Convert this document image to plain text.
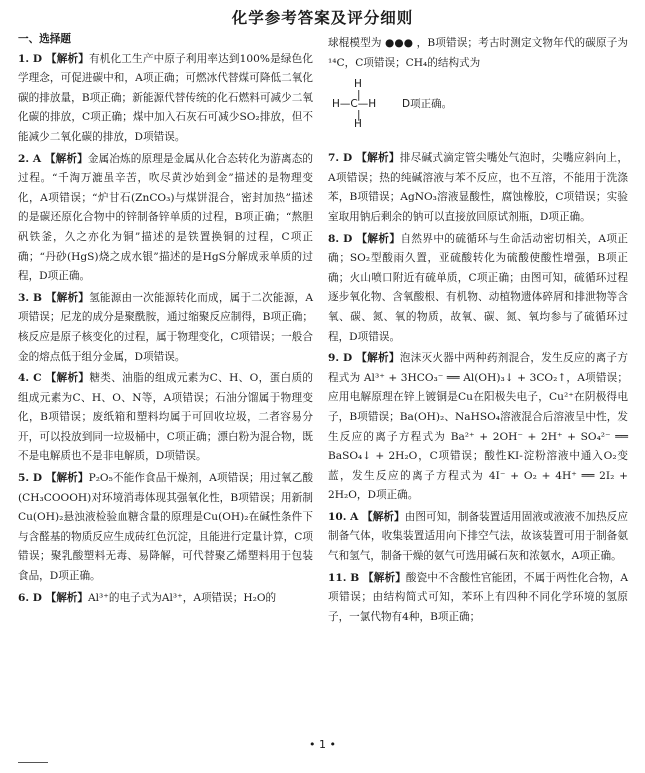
化学参考答案及评分细则
一、选择题
1. D 【解析】有机化工生产中原子利用率达到100%是绿色化学理念，可促进碳中和，A项正确；可燃冰代替煤可降低二氧化碳的排放量，B项正确；新能源代替传统的化石燃料可减少二氧化碳的排放，C项正确；煤中加入石灰石可减少SO₂排放，但不能减少二氧化碳的排放，D项错误。
2. A 【解析】金属冶炼的原理是金属从化合态转化为游离态的过程。“千淘万漉虽辛苦，吹尽黄沙始到金”描述的是物理变化，A项错误；“炉甘石(ZnCO₃)与煤饼混合，密封加热”描述的是碳还原化合物中的锌制备锌单质的过程，B项正确；“熬胆矾铁釜，久之亦化为铜”描述的是铁置换铜的过程，C项正确；“丹砂(HgS)烧之成水银”描述的是HgS分解成汞单质的过程，D项正确。
3. B 【解析】氢能源由一次能源转化而成，属于二次能源，A项错误；尼龙的成分是聚酰胺，通过缩聚反应制得，B项正确；核反应是原子核变化的过程，属于物理变化，C项错误；一般合金的熔点低于组分金属，D项错误。
4. C 【解析】糖类、油脂的组成元素为C、H、O，蛋白质的组成元素为C、H、O、N等，A项错误；石油分馏属于物理变化，B项错误；废纸箱和塑料均属于可回收垃圾，二者容易分开，可以投放到同一垃圾桶中，C项正确；漂白粉为混合物，既不是电解质也不是非电解质，D项错误。
5. D 【解析】P₂O₅不能作食品干燥剂，A项错误；用过氧乙酸(CH₃COOOH)对环境消毒体现其强氧化性，B项错误；用新制Cu(OH)₂悬浊液检验血糖含量的原理是Cu(OH)₂在碱性条件下与含醛基的物质反应生成砖红色沉淀，且能进行定量计算，C项错误；聚乳酸塑料无毒、易降解，可代替聚乙烯塑料用于包装食品，D项正确。
6. D 【解析】Al³⁺的电子式为Al³⁺，A项错误；H₂O的
球棍模型为 ●●● ，B项错误；考古时测定文物年代的碳原子为¹⁴C，C项错误；CH₄的结构式为
H
H—C—H
H
|
|
D项正确。
7. D 【解析】排尽碱式滴定管尖嘴处气泡时，尖嘴应斜向上，A项错误；热的纯碱溶液与苯不反应，也不互溶，不能用于洗涤苯，B项错误；AgNO₃溶液显酸性，腐蚀橡胶，C项错误；实验室取用钠后剩余的钠可以直接放回原试剂瓶，D项正确。
8. D 【解析】自然界中的硫循环与生命活动密切相关，A项正确；SO₂型酸雨久置，亚硫酸转化为硫酸使酸性增强，B项正确；火山喷口附近有硫单质，C项正确；由图可知，硫循环过程逐步氧化物、含氧酸根、有机物、动植物遗体碎屑和排泄物等含氧、碳、氮、氧的物质，故氧、碳、氮、氧均参与了硫循环过程，D项错误。
9. D 【解析】泡沫灭火器中两种药剂混合，发生反应的离子方程式为 Al³⁺ + 3HCO₃⁻ ══ Al(OH)₃↓ + 3CO₂↑，A项错误；应用电解原理在锌上镀铜是Cu在阳极失电子，Cu²⁺在阴极得电子，B项错误；Ba(OH)₂、NaHSO₄溶液混合后溶液呈中性，发生反应的离子方程式为 Ba²⁺ + 2OH⁻ + 2H⁺ + SO₄²⁻ ══ BaSO₄↓ + 2H₂O，C项错误；酸性KI-淀粉溶液中通入O₂变蓝，发生反应的离子方程式为 4I⁻ + O₂ + 4H⁺ ══ 2I₂ + 2H₂O，D项正确。
10. A 【解析】由图可知，制备装置适用固液或液液不加热反应制备气体，收集装置适用向下排空气法，故该装置可用于制备氨气和氢气，制备干燥的氨气可选用碱石灰和浓氨水，A项正确。
11. B 【解析】酸瓷中不含酸性官能团，不属于两性化合物，A项错误；由结构简式可知，苯环上有四种不同化学环境的氢原子，一氯代物有4种，B项正确；
• 1 •
